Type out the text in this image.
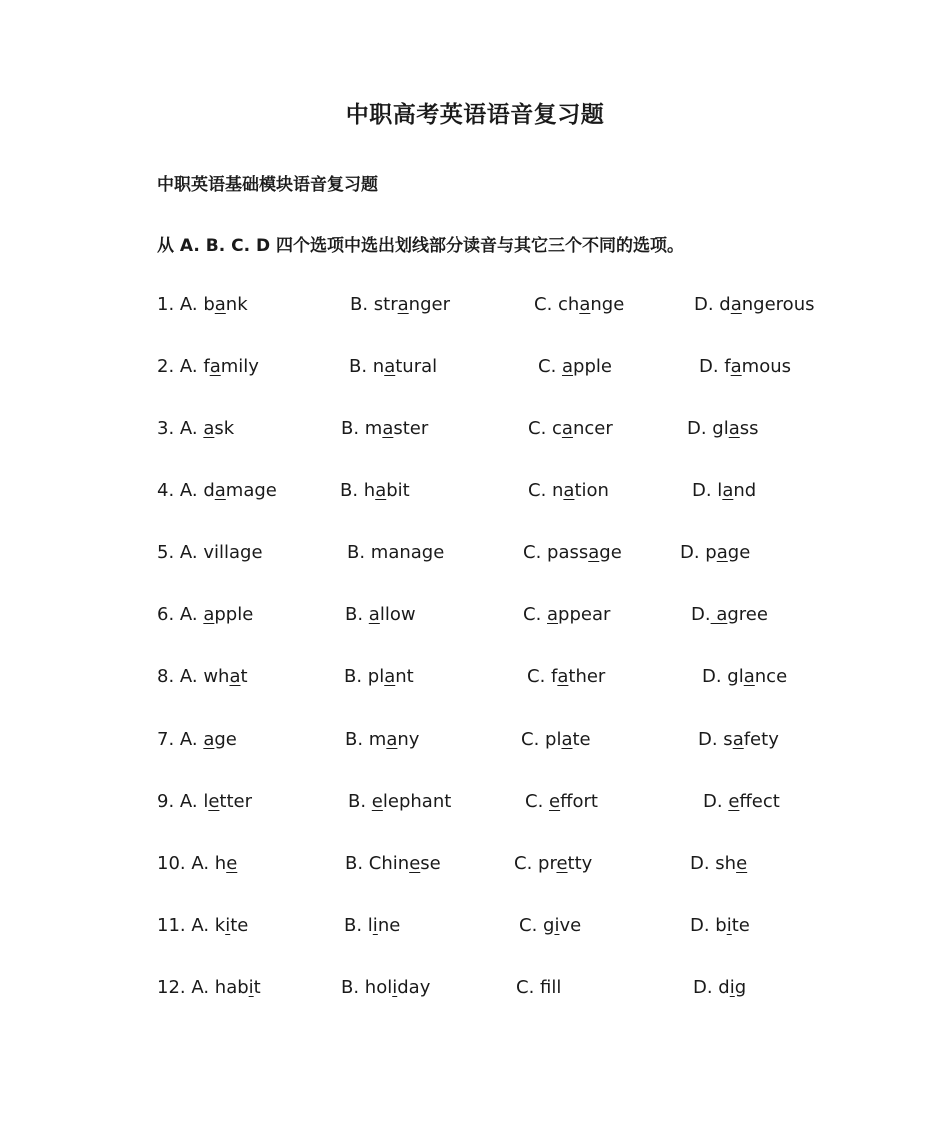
中职高考英语语音复习题
中职英语基础模块语音复习题
从 A. B. C. D 四个选项中选出划线部分读音与其它三个不同的选项。
1. A. bank	B. stranger	C. change	D. dangerous
2. A. family	B. natural	C. apple	D. famous
3. A. ask	B. master	C. cancer	D. glass
4. A. damage	B. habit	C. nation	D. land
5. A. village	B. manage	C. passage	D. page
6. A. apple	B. allow	C. appear	D. agree
8. A. what	B. plant	C. father	D. glance
7. A. age	B. many	C. plate	D. safety
9. A. letter	B. elephant	C. effort	D. effect
10. A. he	B. Chinese	C. pretty	D. she
11. A. kite	B. line	C. give	D. bite
12. A. habit	B. holiday	C. fll	D. dig
